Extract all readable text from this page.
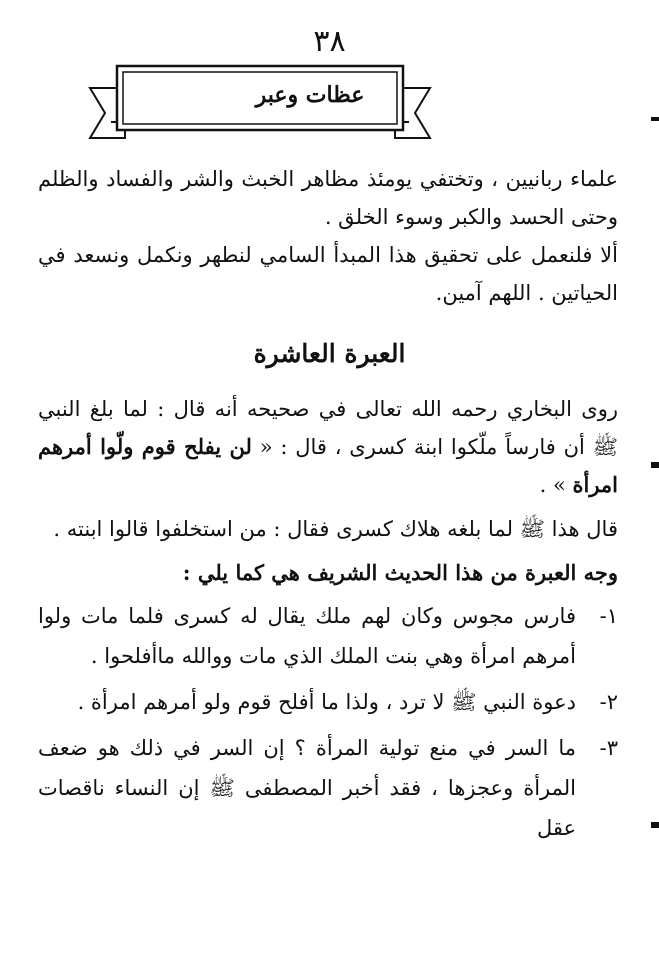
٣٨
عظات وعبر

علماء ربانيين ، وتختفي يومئذ مظاهر الخبث والشر والفساد والظلم وحتى الحسد والكبر وسوء الخلق .

ألا فلنعمل على تحقيق هذا المبدأ السامي لنطهر ونكمل ونسعد في الحياتين . اللهم آمين.

العبرة العاشرة

روى البخاري رحمه الله تعالى في صحيحه أنه قال : لما بلغ النبي ﷺ أن فارساً ملّكوا ابنة كسرى ، قال : « لن يفلح قوم ولّوا أمرهم امرأة » .

قال هذا ﷺ لما بلغه هلاك كسرى فقال : من استخلفوا قالوا ابنته .

وجه العبرة من هذا الحديث الشريف هي كما يلي :

١-
فارس مجوس وكان لهم ملك يقال له كسرى فلما مات ولوا أمرهم امرأة وهي بنت الملك الذي مات ووالله ماأفلحوا .

٢-
دعوة النبي ﷺ لا ترد ، ولذا ما أفلح قوم ولو أمرهم امرأة .

٣-
ما السر في منع تولية المرأة ؟ إن السر في ذلك هو ضعف المرأة وعجزها ، فقد أخبر المصطفى ﷺ إن النساء ناقصات عقل
